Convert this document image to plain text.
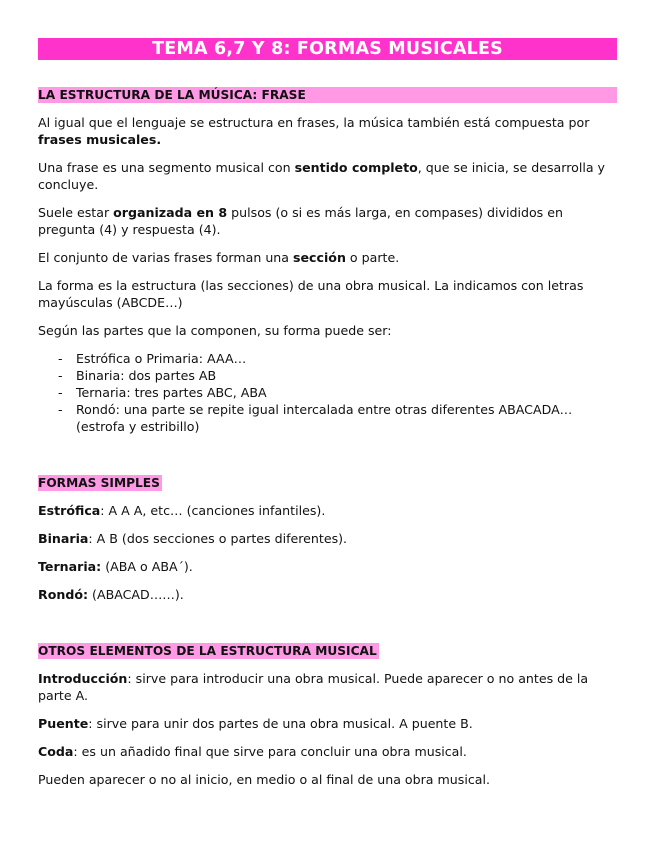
TEMA 6,7 Y 8: FORMAS MUSICALES
LA ESTRUCTURA DE LA MÚSICA: FRASE

Al igual que el lenguaje se estructura en frases, la música también está compuesta por frases musicales.

Una frase es una segmento musical con sentido completo, que se inicia, se desarrolla y concluye.

Suele estar organizada en 8 pulsos (o si es más larga, en compases) divididos en pregunta (4) y respuesta (4).

El conjunto de varias frases forman una sección o parte.

La forma es la estructura (las secciones) de una obra musical. La indicamos con letras mayúsculas (ABCDE…)

Según las partes que la componen, su forma puede ser:

- Estrófica o Primaria: AAA…
- Binaria: dos partes AB
- Ternaria: tres partes ABC, ABA
- Rondó: una parte se repite igual intercalada entre otras diferentes ABACADA… (estrofa y estribillo)
FORMAS SIMPLES

Estrófica: A A A, etc… (canciones infantiles).

Binaria: A B (dos secciones o partes diferentes).

Ternaria: (ABA o ABA´).

Rondó: (ABACAD……).

OTROS ELEMENTOS DE LA ESTRUCTURA MUSICAL

Introducción: sirve para introducir una obra musical. Puede aparecer o no antes de la parte A.

Puente: sirve para unir dos partes de una obra musical. A puente B.

Coda: es un añadido final que sirve para concluir una obra musical.

Pueden aparecer o no al inicio, en medio o al final de una obra musical.
